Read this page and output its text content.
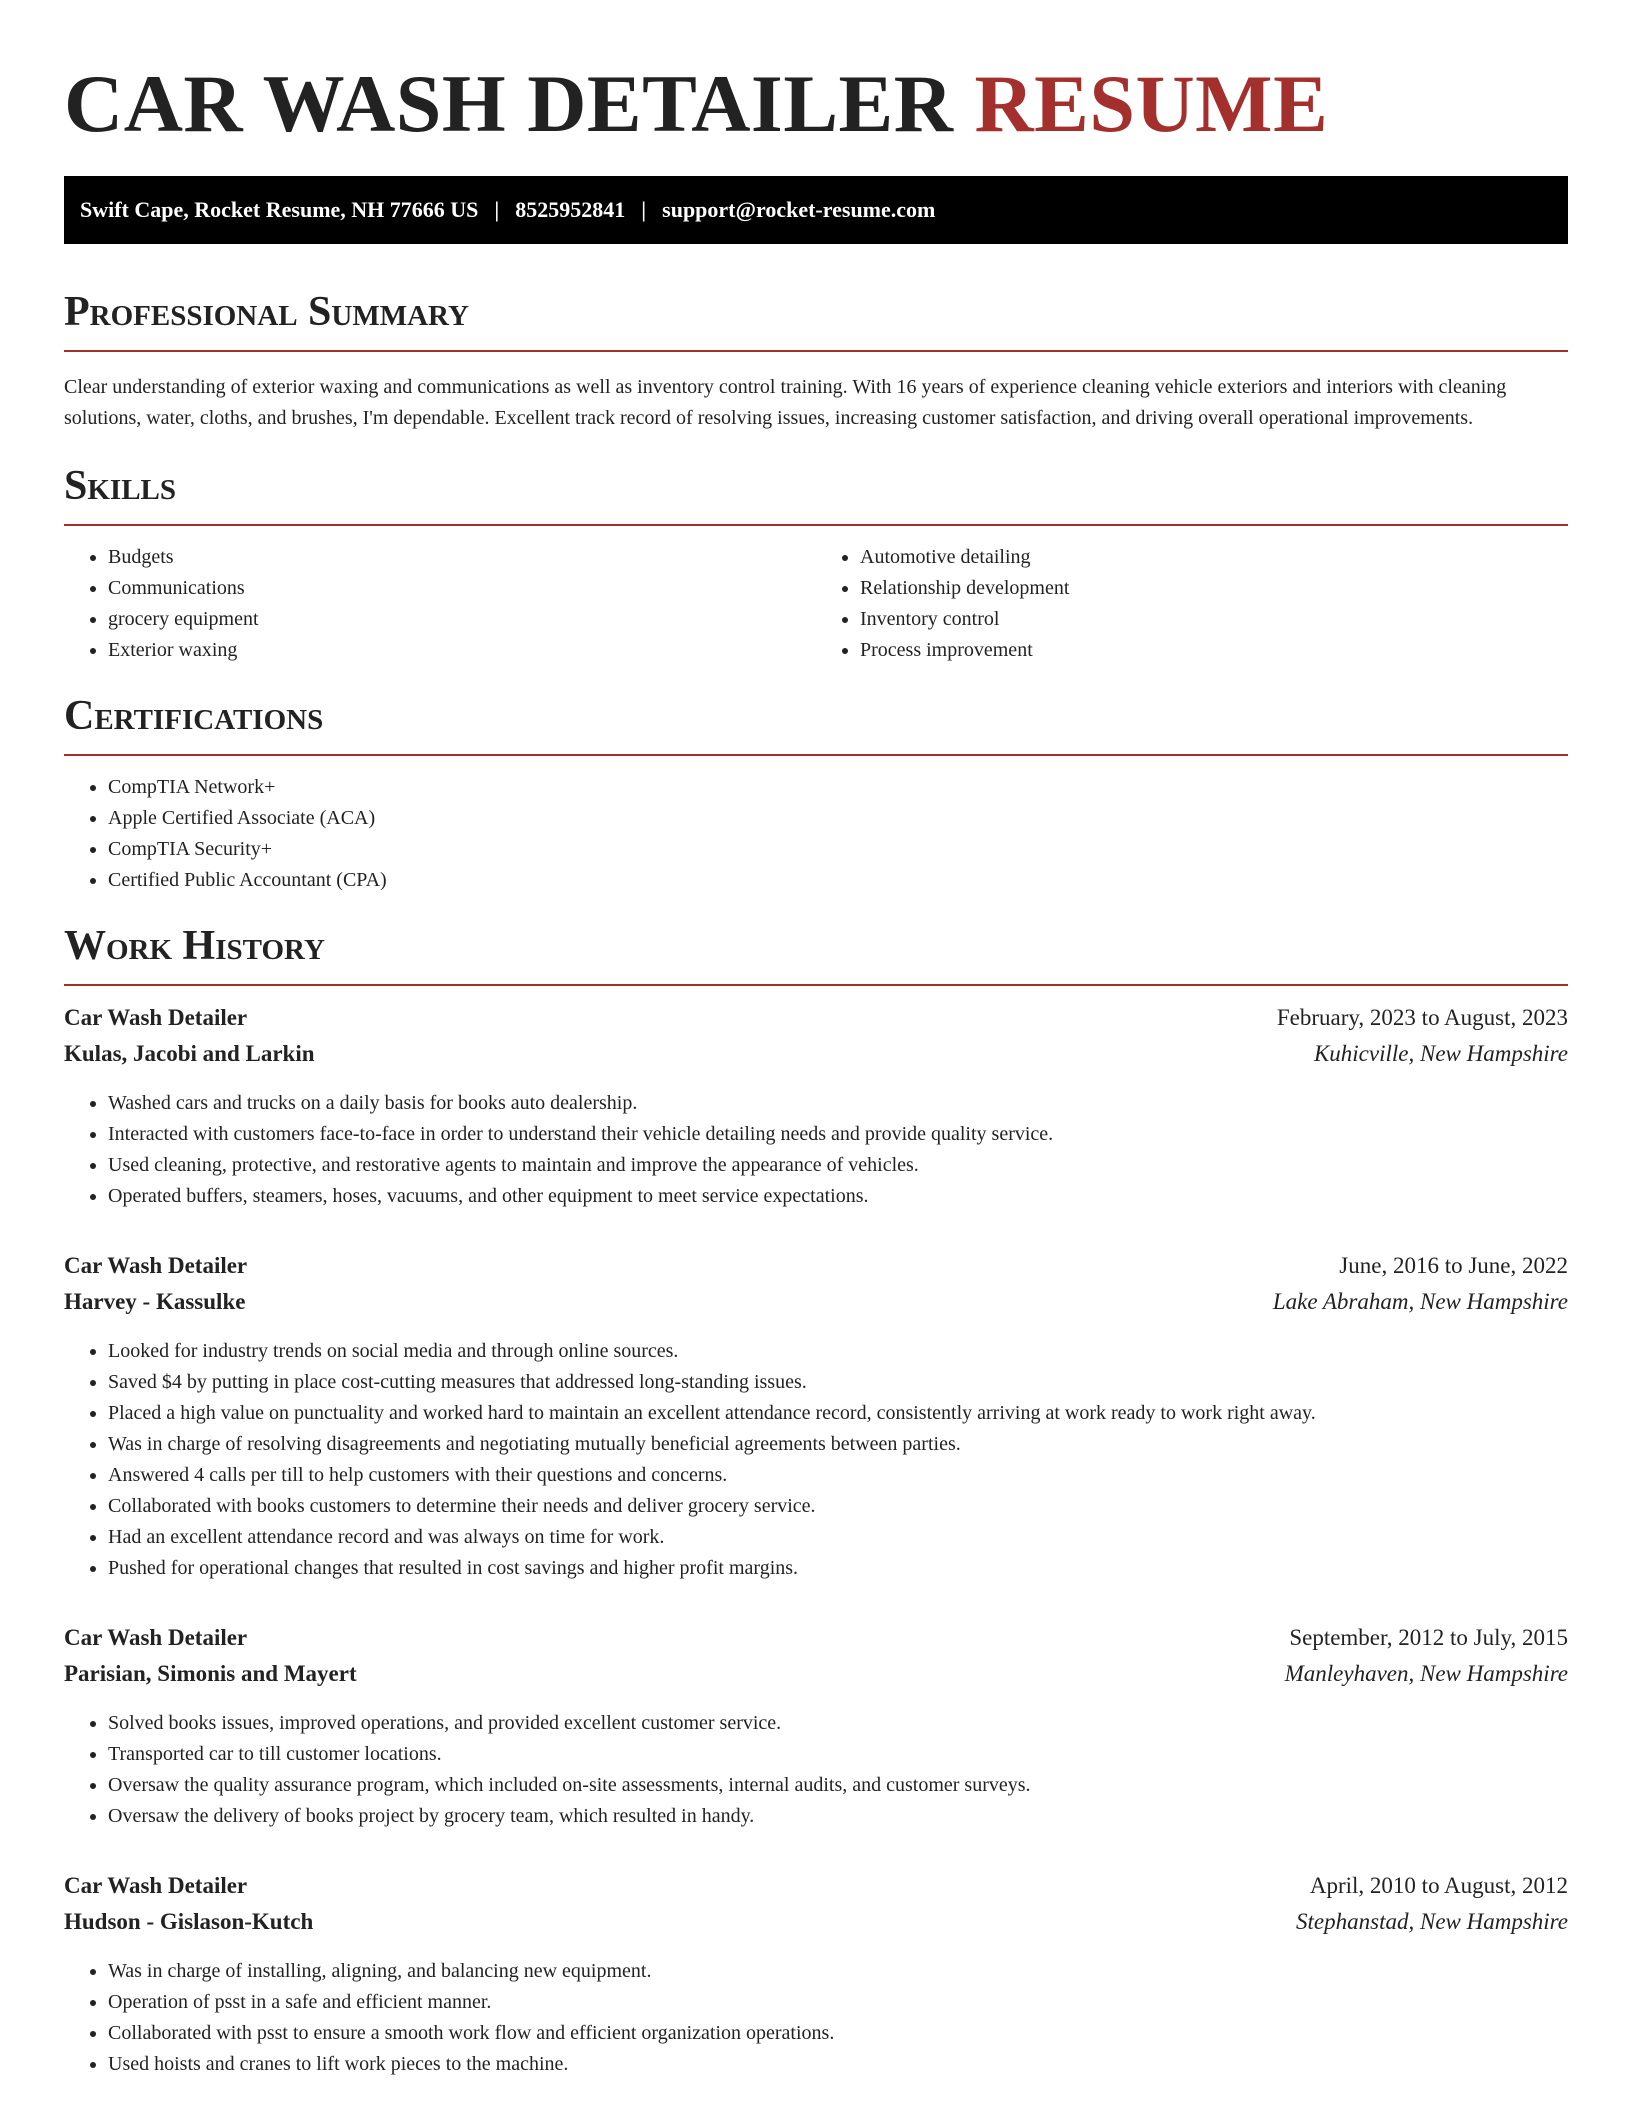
CAR WASH DETAILER RESUME
Swift Cape, Rocket Resume, NH 77666 US | 8525952841 | support@rocket-resume.com
Professional Summary

Clear understanding of exterior waxing and communications as well as inventory control training. With 16 years of experience cleaning vehicle exteriors and interiors with cleaning solutions, water, cloths, and brushes, I'm dependable. Excellent track record of resolving issues, increasing customer satisfaction, and driving overall operational improvements.

Skills
• Budgets
• Communications
• grocery equipment
• Exterior waxing
• Automotive detailing
• Relationship development
• Inventory control
• Process improvement
Certifications
• CompTIA Network+
• Apple Certified Associate (ACA)
• CompTIA Security+
• Certified Public Accountant (CPA)
Work History
Car Wash Detailer	February, 2023 to August, 2023
Kulas, Jacobi and Larkin	Kuhicville, New Hampshire
• Washed cars and trucks on a daily basis for books auto dealership.
• Interacted with customers face-to-face in order to understand their vehicle detailing needs and provide quality service.
• Used cleaning, protective, and restorative agents to maintain and improve the appearance of vehicles.
• Operated buffers, steamers, hoses, vacuums, and other equipment to meet service expectations.
Car Wash Detailer	June, 2016 to June, 2022
Harvey - Kassulke	Lake Abraham, New Hampshire
• Looked for industry trends on social media and through online sources.
• Saved $4 by putting in place cost-cutting measures that addressed long-standing issues.
• Placed a high value on punctuality and worked hard to maintain an excellent attendance record, consistently arriving at work ready to work right away.
• Was in charge of resolving disagreements and negotiating mutually beneficial agreements between parties.
• Answered 4 calls per till to help customers with their questions and concerns.
• Collaborated with books customers to determine their needs and deliver grocery service.
• Had an excellent attendance record and was always on time for work.
• Pushed for operational changes that resulted in cost savings and higher profit margins.
Car Wash Detailer	September, 2012 to July, 2015
Parisian, Simonis and Mayert	Manleyhaven, New Hampshire
• Solved books issues, improved operations, and provided excellent customer service.
• Transported car to till customer locations.
• Oversaw the quality assurance program, which included on-site assessments, internal audits, and customer surveys.
• Oversaw the delivery of books project by grocery team, which resulted in handy.
Car Wash Detailer	April, 2010 to August, 2012
Hudson - Gislason-Kutch	Stephanstad, New Hampshire
• Was in charge of installing, aligning, and balancing new equipment.
• Operation of psst in a safe and efficient manner.
• Collaborated with psst to ensure a smooth work flow and efficient organization operations.
• Used hoists and cranes to lift work pieces to the machine.
